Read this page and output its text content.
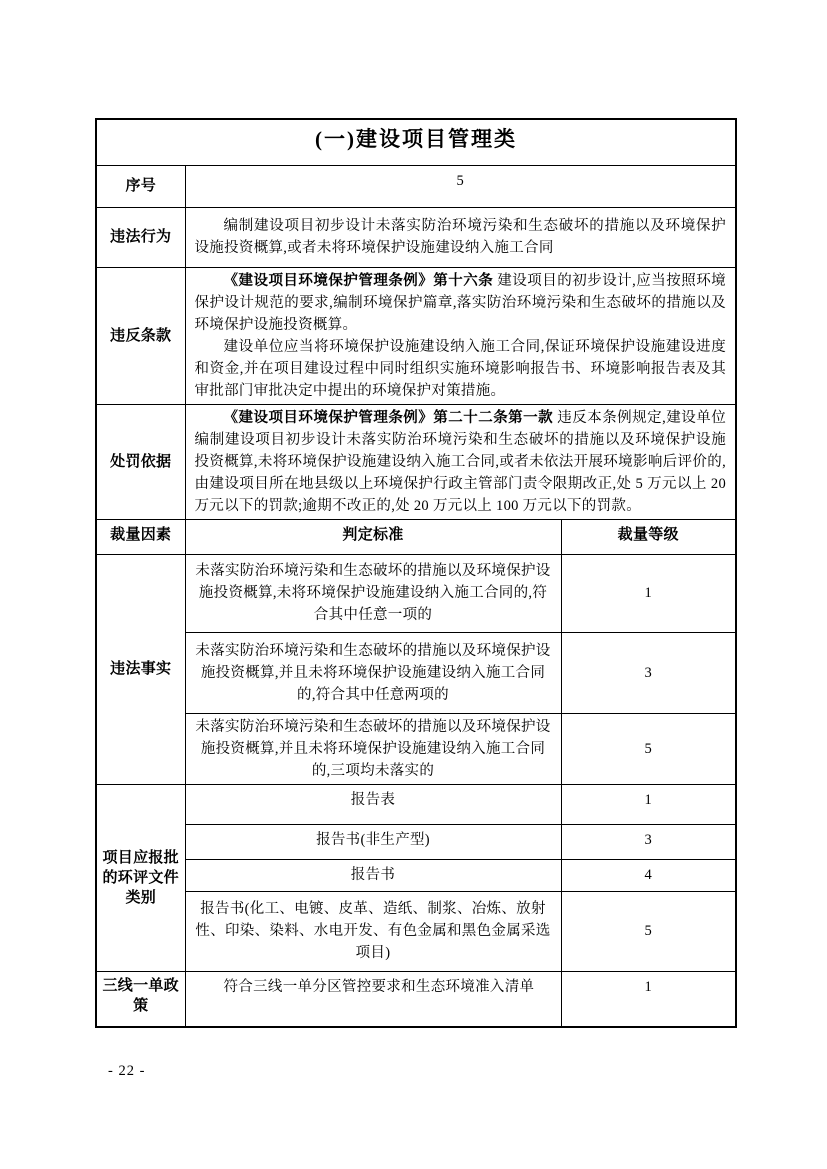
(一)建设项目管理类		
序号	5	
违法行为	编制建设项目初步设计未落实防治环境污染和生态破坏的措施以及环境保护设施投资概算,或者未将环境保护设施建设纳入施工合同	

违反条款	《建设项目环境保护管理条例》第十六条 建设项目的初步设计,应当按照环境保护设计规范的要求,编制环境保护篇章,落实防治环境污染和生态破坏的措施以及环境保护设施投资概算。

建设单位应当将环境保护设施建设纳入施工合同,保证环境保护设施建设进度和资金,并在项目建设过程中同时组织实施环境影响报告书、环境影响报告表及其审批部门审批决定中提出的环境保护对策措施。	

处罚依据	《建设项目环境保护管理条例》第二十二条第一款 违反本条例规定,建设单位编制建设项目初步设计未落实防治环境污染和生态破坏的措施以及环境保护设施投资概算,未将环境保护设施建设纳入施工合同,或者未依法开展环境影响后评价的,由建设项目所在地县级以上环境保护行政主管部门责令限期改正,处 5 万元以上 20 万元以下的罚款;逾期不改正的,处 20 万元以上 100 万元以下的罚款。	

裁量因素	判定标准	裁量等级
违法事实	未落实防治环境污染和生态破坏的措施以及环境保护设施投资概算,未将环境保护设施建设纳入施工合同的,符合其中任意一项的	1
	未落实防治环境污染和生态破坏的措施以及环境保护设施投资概算,并且未将环境保护设施建设纳入施工合同的,符合其中任意两项的	3
	未落实防治环境污染和生态破坏的措施以及环境保护设施投资概算,并且未将环境保护设施建设纳入施工合同的,三项均未落实的	5
项目应报批的环评文件类别	报告表	1
	报告书(非生产型)	3
	报告书	4
	报告书(化工、电镀、皮革、造纸、制浆、冶炼、放射性、印染、染料、水电开发、有色金属和黑色金属采选项目)	5
三线一单政策	符合三线一单分区管控要求和生态环境准入清单	1
- 22 -
